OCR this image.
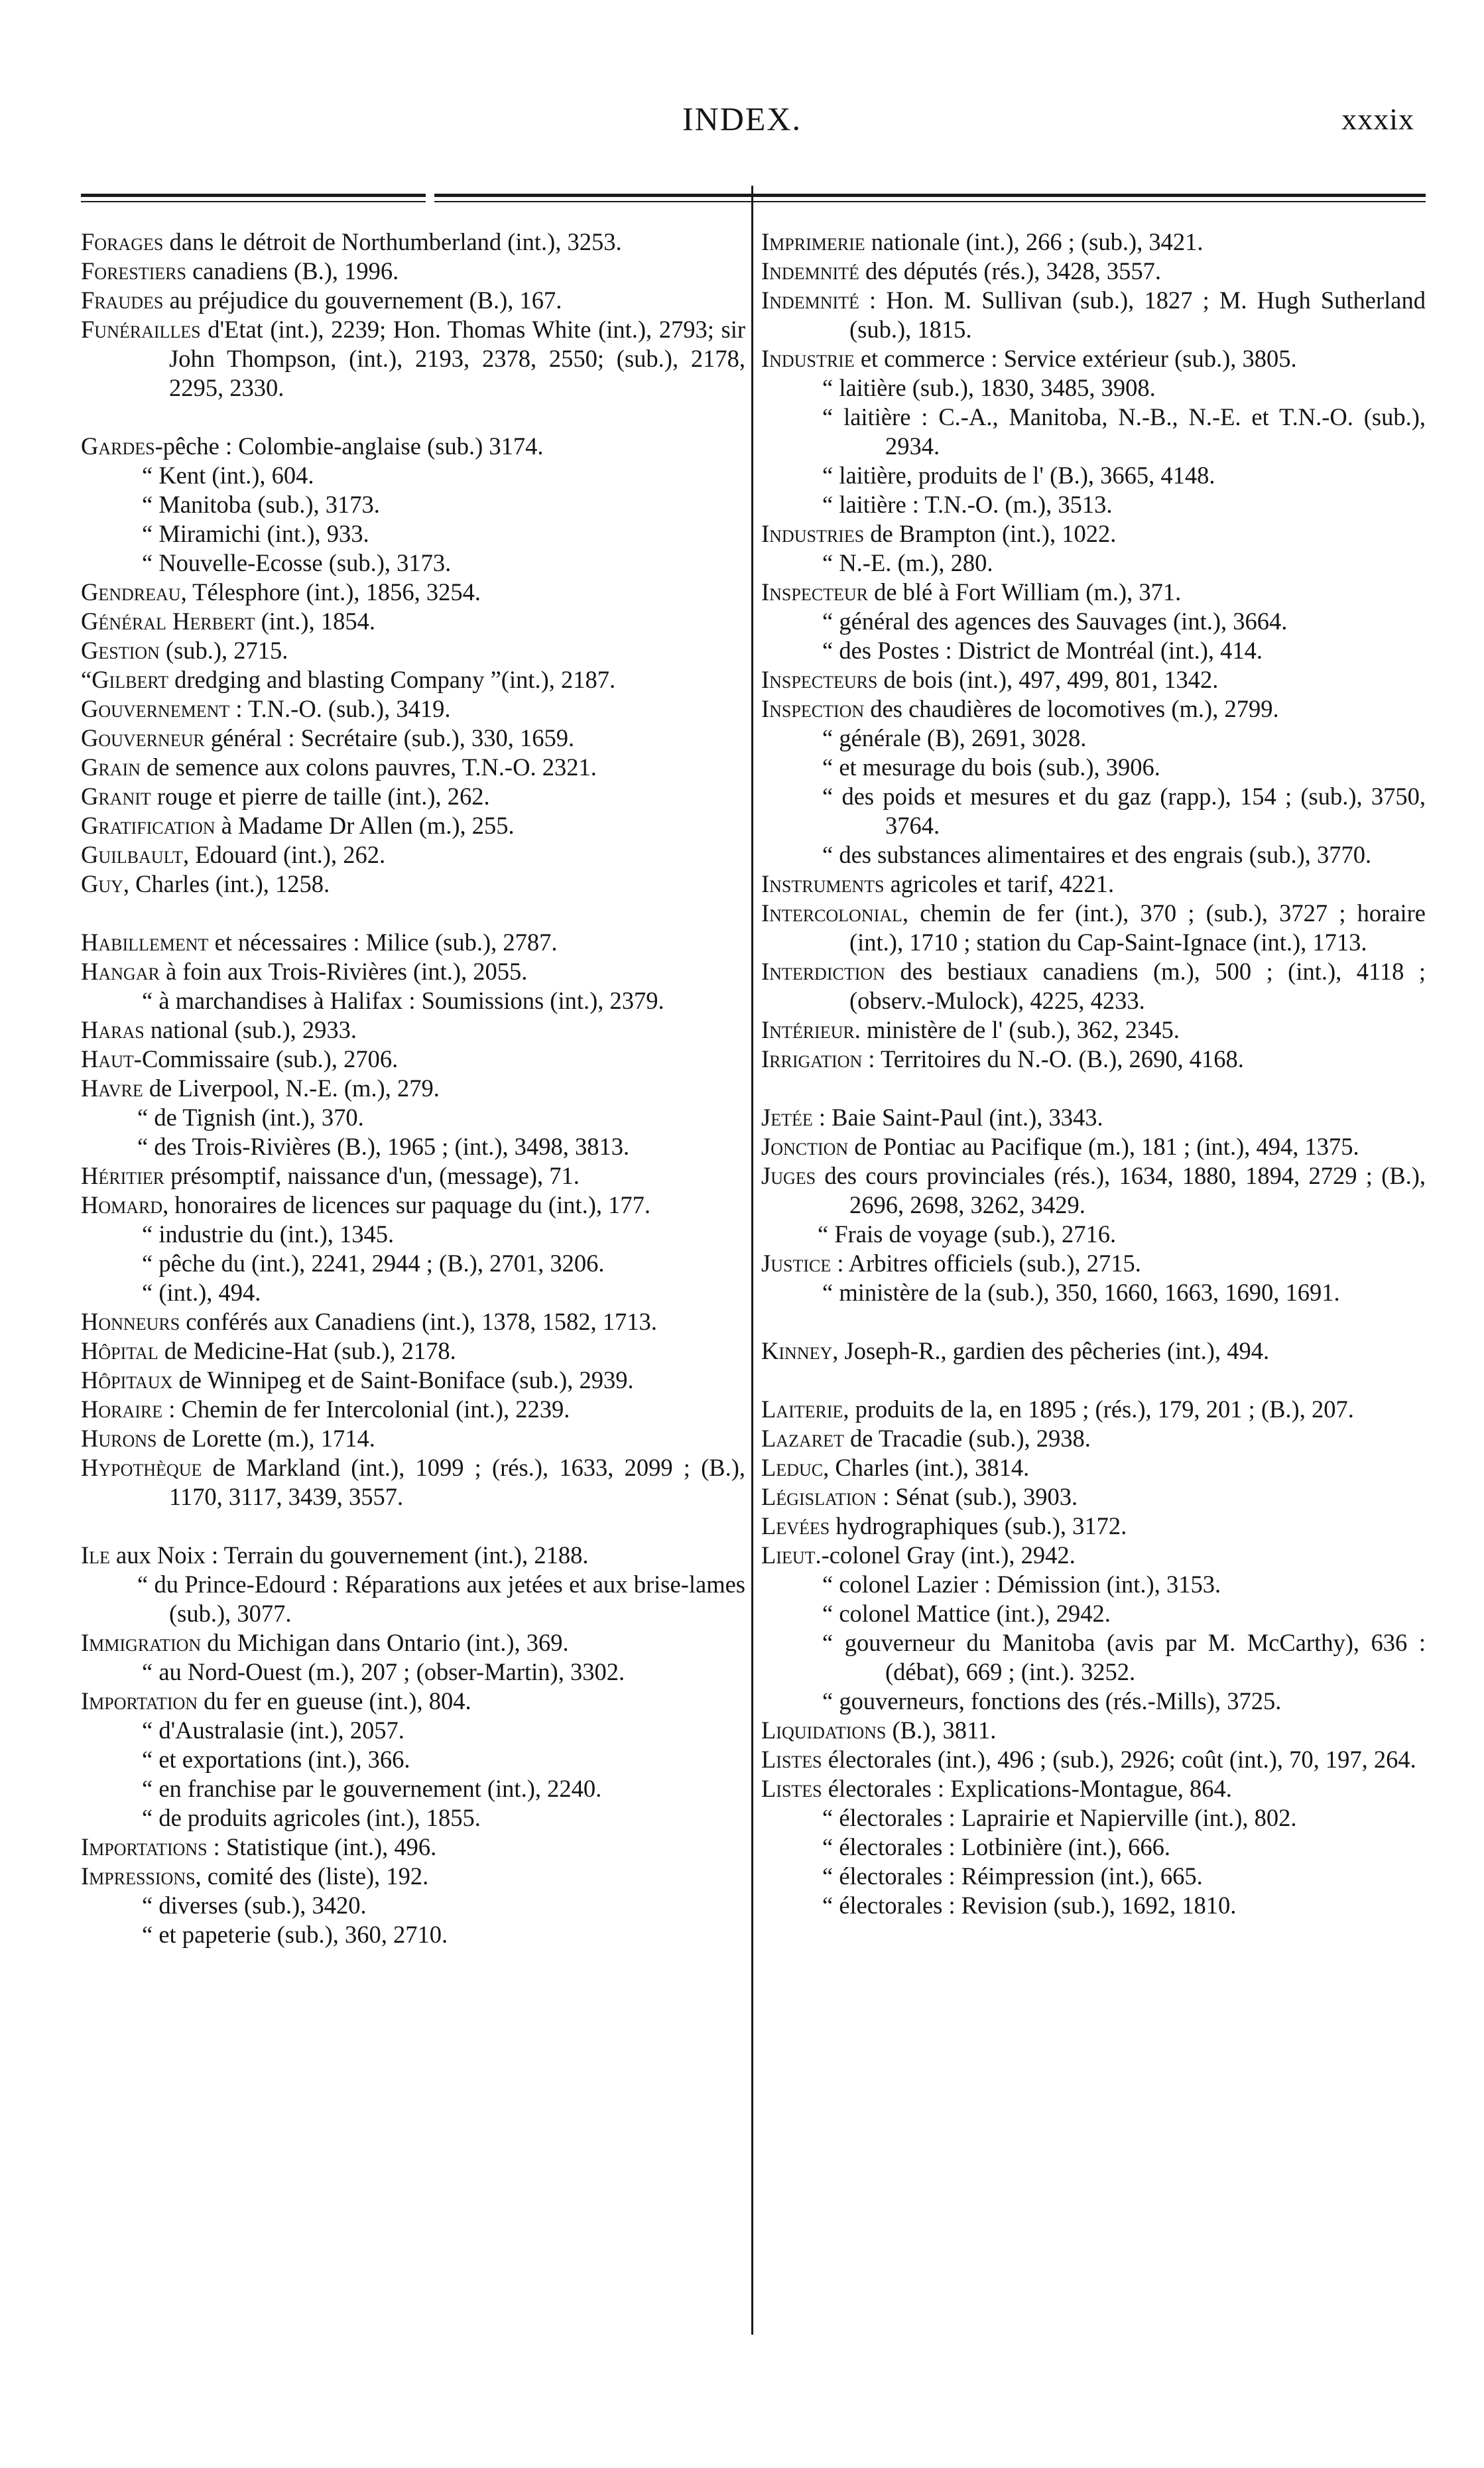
INDEX.	xxxix
Forages dans le détroit de Northumberland (int.), 3253.
Forestiers canadiens (B.), 1996.
Fraudes au préjudice du gouvernement (B.), 167.
Funérailles d'Etat (int.), 2239; Hon. Thomas White (int.), 2793; sir John Thompson, (int.), 2193, 2378, 2550; (sub.), 2178, 2295, 2330.
Gardes-pêche : Colombie-anglaise (sub.) 3174.
“ Kent (int.), 604.
“ Manitoba (sub.), 3173.
“ Miramichi (int.), 933.
“ Nouvelle-Ecosse (sub.), 3173.
Gendreau, Télesphore (int.), 1856, 3254.
Général Herbert (int.), 1854.
Gestion (sub.), 2715.
“Gilbert dredging and blasting Company ”(int.), 2187.
Gouvernement : T.N.-O. (sub.), 3419.
Gouverneur général : Secrétaire (sub.), 330, 1659.
Grain de semence aux colons pauvres, T.N.-O. 2321.
Granit rouge et pierre de taille (int.), 262.
Gratification à Madame Dr Allen (m.), 255.
Guilbault, Edouard (int.), 262.
Guy, Charles (int.), 1258.
Habillement et nécessaires : Milice (sub.), 2787.
Hangar à foin aux Trois-Rivières (int.), 2055.
“ à marchandises à Halifax : Soumissions (int.), 2379.
Haras national (sub.), 2933.
Haut-Commissaire (sub.), 2706.
Havre de Liverpool, N.-E. (m.), 279.
“ de Tignish (int.), 370.
“ des Trois-Rivières (B.), 1965 ; (int.), 3498, 3813.
Héritier présomptif, naissance d'un, (message), 71.
Homard, honoraires de licences sur paquage du (int.), 177.
“ industrie du (int.), 1345.
“ pêche du (int.), 2241, 2944 ; (B.), 2701, 3206.
“ (int.), 494.
Honneurs conférés aux Canadiens (int.), 1378, 1582, 1713.
Hôpital de Medicine-Hat (sub.), 2178.
Hôpitaux de Winnipeg et de Saint-Boniface (sub.), 2939.
Horaire : Chemin de fer Intercolonial (int.), 2239.
Hurons de Lorette (m.), 1714.
Hypothèque de Markland (int.), 1099 ; (rés.), 1633, 2099 ; (B.), 1170, 3117, 3439, 3557.
Ile aux Noix : Terrain du gouvernement (int.), 2188.
“ du Prince-Edourd : Réparations aux jetées et aux brise-lames (sub.), 3077.
Immigration du Michigan dans Ontario (int.), 369.
“ au Nord-Ouest (m.), 207 ; (obser-Martin), 3302.
Importation du fer en gueuse (int.), 804.
“ d'Australasie (int.), 2057.
“ et exportations (int.), 366.
“ en franchise par le gouvernement (int.), 2240.
“ de produits agricoles (int.), 1855.
Importations : Statistique (int.), 496.
Impressions, comité des (liste), 192.
“ diverses (sub.), 3420.
“ et papeterie (sub.), 360, 2710.
Imprimerie nationale (int.), 266 ; (sub.), 3421.
Indemnité des députés (rés.), 3428, 3557.
Indemnité : Hon. M. Sullivan (sub.), 1827 ; M. Hugh Sutherland (sub.), 1815.
Industrie et commerce : Service extérieur (sub.), 3805.
“ laitière (sub.), 1830, 3485, 3908.
“ laitière : C.-A., Manitoba, N.-B., N.-E. et T.N.-O. (sub.), 2934.
“ laitière, produits de l' (B.), 3665, 4148.
“ laitière : T.N.-O. (m.), 3513.
Industries de Brampton (int.), 1022.
“ N.-E. (m.), 280.
Inspecteur de blé à Fort William (m.), 371.
“ général des agences des Sauvages (int.), 3664.
“ des Postes : District de Montréal (int.), 414.
Inspecteurs de bois (int.), 497, 499, 801, 1342.
Inspection des chaudières de locomotives (m.), 2799.
“ générale (B), 2691, 3028.
“ et mesurage du bois (sub.), 3906.
“ des poids et mesures et du gaz (rapp.), 154 ; (sub.), 3750, 3764.
“ des substances alimentaires et des engrais (sub.), 3770.
Instruments agricoles et tarif, 4221.
Intercolonial, chemin de fer (int.), 370 ; (sub.), 3727 ; horaire (int.), 1710 ; station du Cap-Saint-Ignace (int.), 1713.
Interdiction des bestiaux canadiens (m.), 500 ; (int.), 4118 ; (observ.-Mulock), 4225, 4233.
Intérieur. ministère de l' (sub.), 362, 2345.
Irrigation : Territoires du N.-O. (B.), 2690, 4168.
Jetée : Baie Saint-Paul (int.), 3343.
Jonction de Pontiac au Pacifique (m.), 181 ; (int.), 494, 1375.
Juges des cours provinciales (rés.), 1634, 1880, 1894, 2729 ; (B.), 2696, 2698, 3262, 3429.
“ Frais de voyage (sub.), 2716.
Justice : Arbitres officiels (sub.), 2715.
“ ministère de la (sub.), 350, 1660, 1663, 1690, 1691.
Kinney, Joseph-R., gardien des pêcheries (int.), 494.
Laiterie, produits de la, en 1895 ; (rés.), 179, 201 ; (B.), 207.
Lazaret de Tracadie (sub.), 2938.
Leduc, Charles (int.), 3814.
Législation : Sénat (sub.), 3903.
Levées hydrographiques (sub.), 3172.
Lieut.-colonel Gray (int.), 2942.
“ colonel Lazier : Démission (int.), 3153.
“ colonel Mattice (int.), 2942.
“ gouverneur du Manitoba (avis par M. McCarthy), 636 : (débat), 669 ; (int.). 3252.
“ gouverneurs, fonctions des (rés.-Mills), 3725.
Liquidations (B.), 3811.
Listes électorales (int.), 496 ; (sub.), 2926; coût (int.), 70, 197, 264.
Listes électorales : Explications-Montague, 864.
“ électorales : Laprairie et Napierville (int.), 802.
“ électorales : Lotbinière (int.), 666.
“ électorales : Réimpression (int.), 665.
“ électorales : Revision (sub.), 1692, 1810.
